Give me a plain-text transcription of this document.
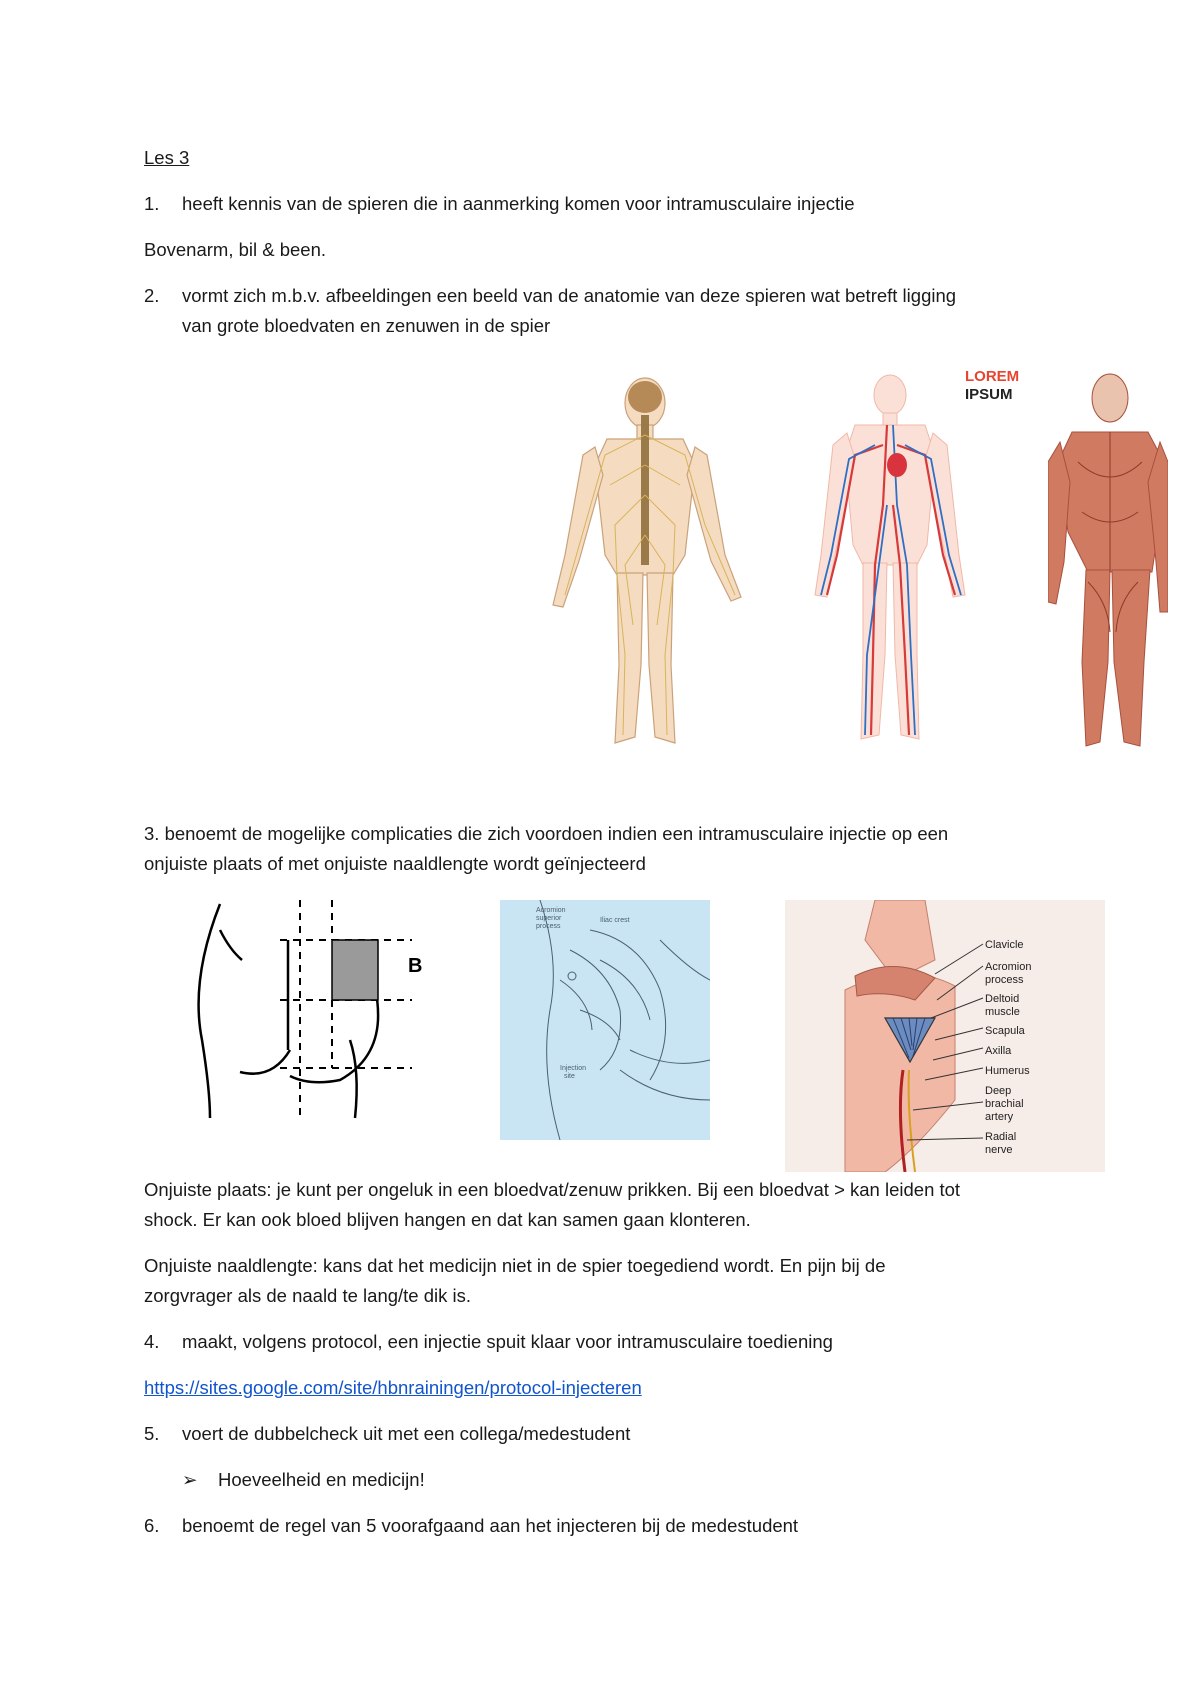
Les 3
1. heeft kennis van de spieren die in aanmerking komen voor intramusculaire injectie
Bovenarm, bil & been.
2. vormt zich m.b.v. afbeeldingen een beeld van de anatomie van deze spieren wat betreft ligging
van grote bloedvaten en zenuwen in de spier
LOREM
IPSUM
3. benoemt de mogelijke complicaties die zich voordoen indien een intramusculaire injectie op een
onjuiste plaats of met onjuiste naaldlengte wordt geïnjecteerd
B
Acromion
superior
process
Iliac crest
Injection
site
Clavicle
Acromion
process
Deltoid
muscle
Scapula
Axilla
Humerus
Deep
brachial
artery
Radial
nerve
Onjuiste plaats: je kunt per ongeluk in een bloedvat/zenuw prikken. Bij een bloedvat > kan leiden tot
shock. Er kan ook bloed blijven hangen en dat kan samen gaan klonteren.
Onjuiste naaldlengte: kans dat het medicijn niet in de spier toegediend wordt. En pijn bij de
zorgvrager als de naald te lang/te dik is.
4. maakt, volgens protocol, een injectie spuit klaar voor intramusculaire toediening
https://sites.google.com/site/hbnrainingen/protocol-injecteren
5. voert de dubbelcheck uit met een collega/medestudent
➢ Hoeveelheid en medicijn!
6. benoemt de regel van 5 voorafgaand aan het injecteren bij de medestudent
